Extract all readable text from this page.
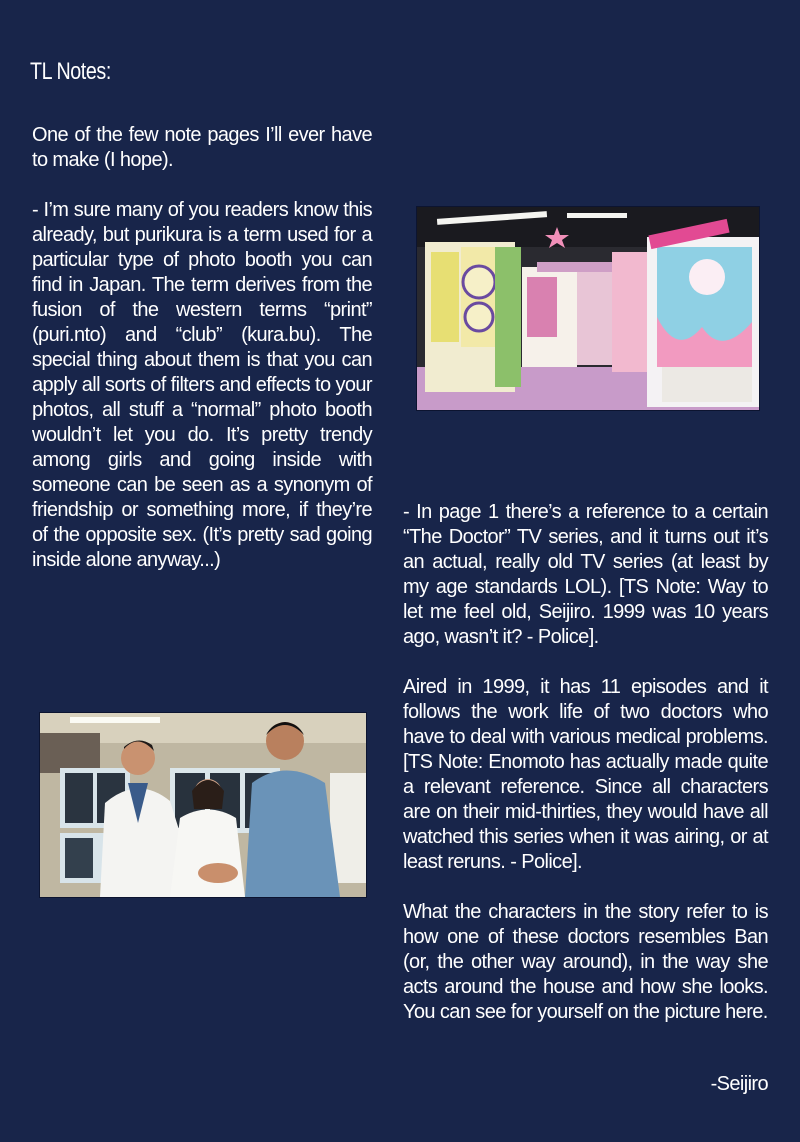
TL Notes:

One of the few note pages I’ll ever have to make (I hope).

- I’m sure many of you readers know this already, but purikura is a term used for a particular type of photo booth you can find in Japan. The term derives from the fusion of the western terms “print” (puri.nto) and “club” (kura.bu). The special thing about them is that you can apply all sorts of filters and effects to your photos, all stuff a “normal” photo booth wouldn’t let you do. It’s pretty trendy among girls and going inside with someone can be seen as a synonym of friendship or something more, if they’re of the opposite sex. (It’s pretty sad going inside alone anyway...)

- In page 1 there’s a reference to a certain “The Doctor” TV series, and it turns out it’s an actual, really old TV series (at least by my age standards LOL). [TS Note: Way to let me feel old, Seijiro. 1999 was 10 years ago, wasn’t it? - Police].

Aired in 1999, it has 11 episodes and it follows the work life of two doctors who have to deal with various medical problems. [TS Note: Enomoto has actually made quite a relevant reference. Since all characters are on their mid-thirties, they would have all watched this series when it was airing, or at least reruns. - Police].

What the characters in the story refer to is how one of these doctors resembles Ban (or, the other way around), in the way she acts around the house and how she looks. You can see for yourself on the picture here.

-Seijiro
